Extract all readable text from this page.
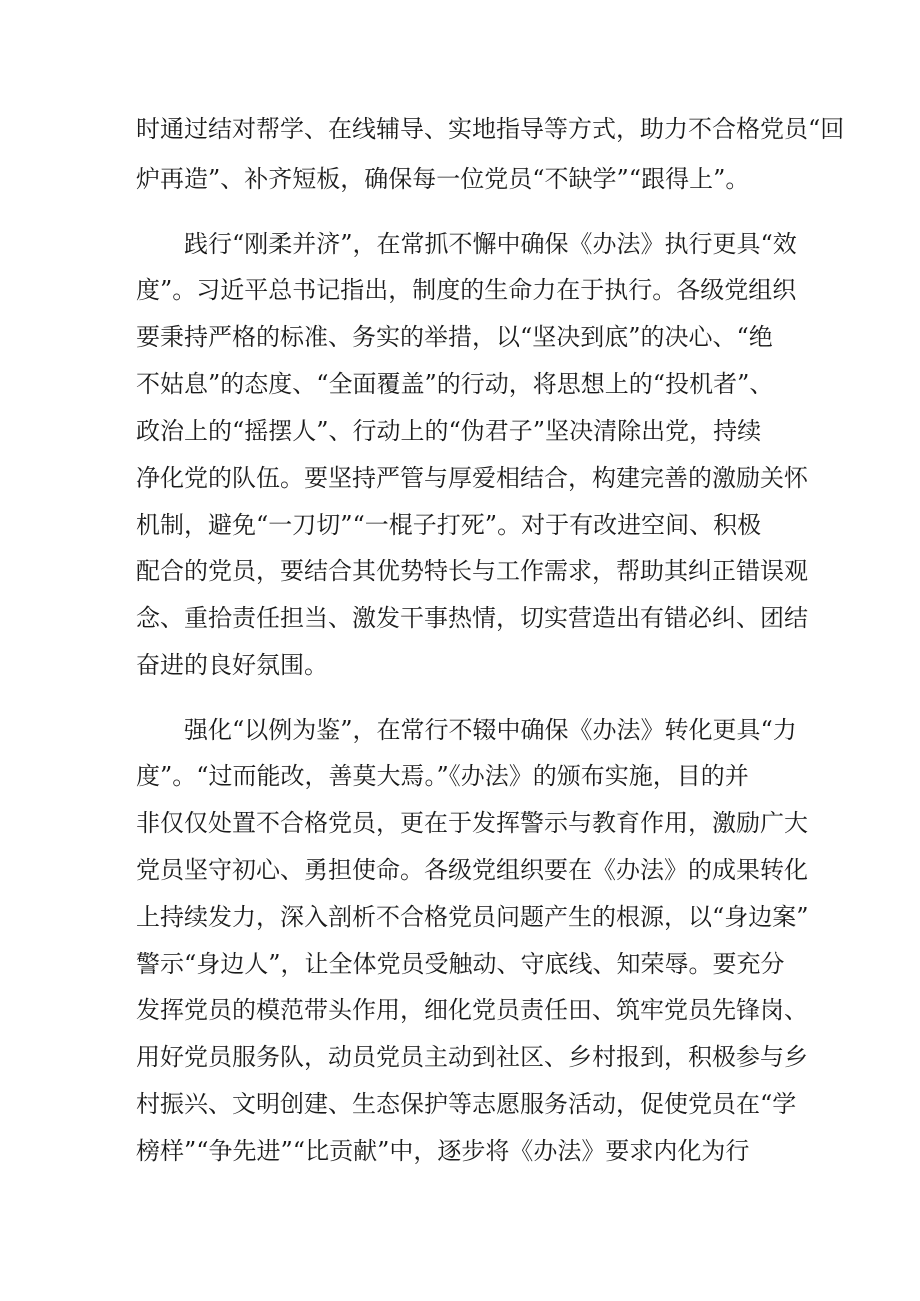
时通过结对帮学、在线辅导、实地指导等方式，助力不合格党员“回
炉再造”、补齐短板，确保每一位党员“不缺学”“跟得上”。
践行“刚柔并济”，在常抓不懈中确保《办法》执行更具“效
度”。习近平总书记指出，制度的生命力在于执行。各级党组织
要秉持严格的标准、务实的举措，以“坚决到底”的决心、“绝
不姑息”的态度、“全面覆盖”的行动，将思想上的“投机者”、
政治上的“摇摆人”、行动上的“伪君子”坚决清除出党，持续
净化党的队伍。要坚持严管与厚爱相结合，构建完善的激励关怀
机制，避免“一刀切”“一棍子打死”。对于有改进空间、积极
配合的党员，要结合其优势特长与工作需求，帮助其纠正错误观
念、重拾责任担当、激发干事热情，切实营造出有错必纠、团结
奋进的良好氛围。
强化“以例为鉴”，在常行不辍中确保《办法》转化更具“力
度”。“过而能改，善莫大焉。”《办法》的颁布实施，目的并
非仅仅处置不合格党员，更在于发挥警示与教育作用，激励广大
党员坚守初心、勇担使命。各级党组织要在《办法》的成果转化
上持续发力，深入剖析不合格党员问题产生的根源，以“身边案”
警示“身边人”，让全体党员受触动、守底线、知荣辱。要充分
发挥党员的模范带头作用，细化党员责任田、筑牢党员先锋岗、
用好党员服务队，动员党员主动到社区、乡村报到，积极参与乡
村振兴、文明创建、生态保护等志愿服务活动，促使党员在“学
榜样”“争先进”“比贡献”中，逐步将《办法》要求内化为行
